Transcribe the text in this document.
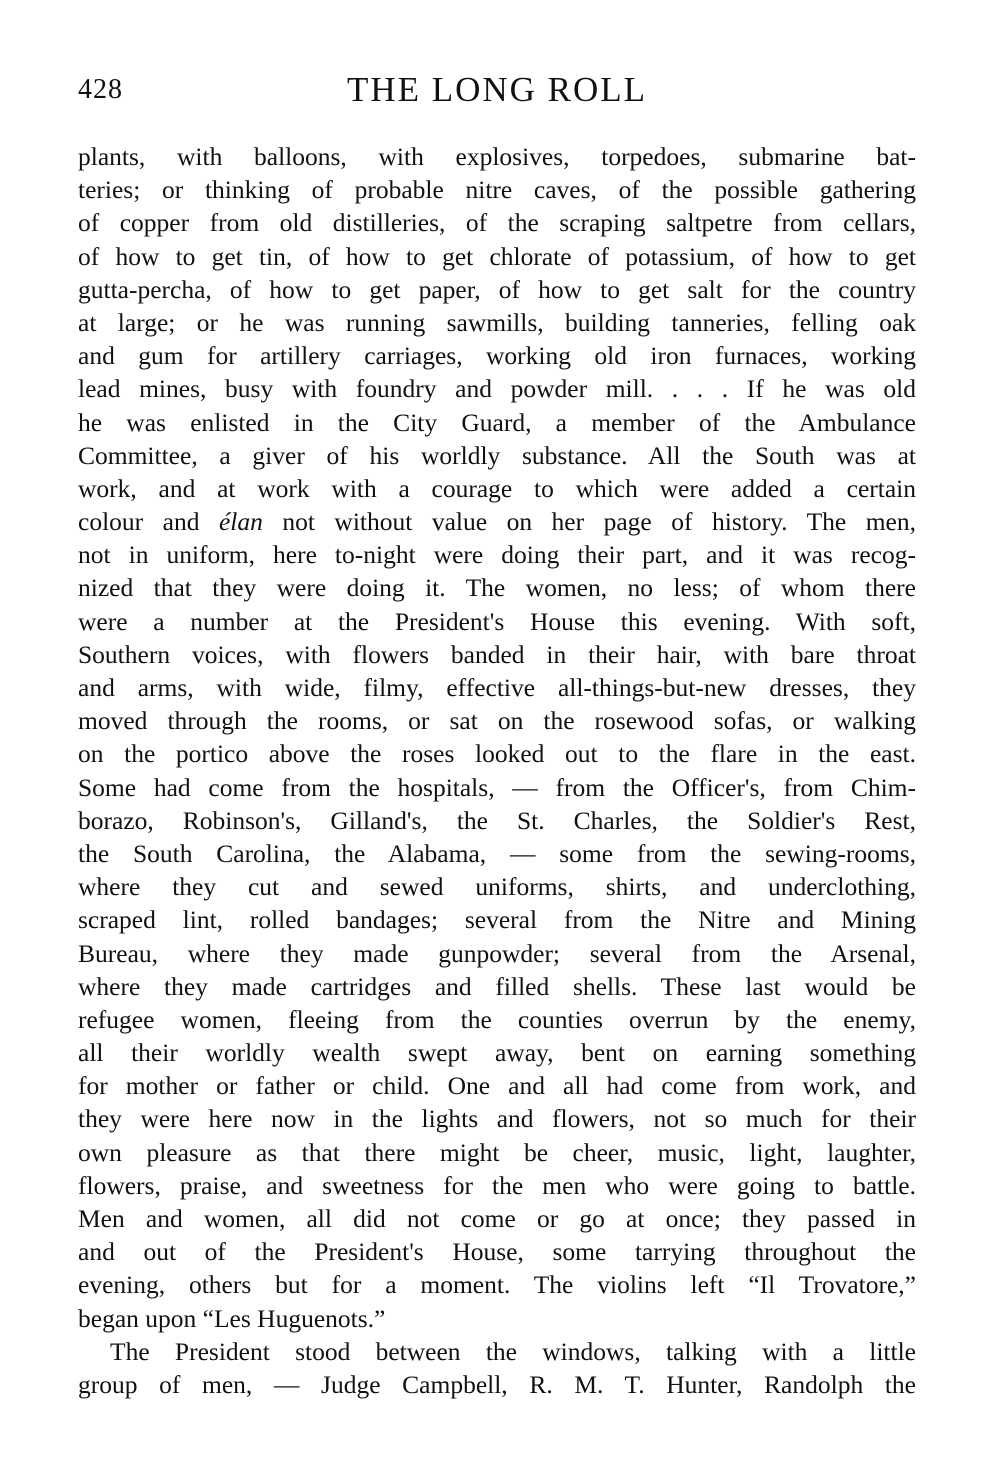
428	THE LONG ROLL
plants, with balloons, with explosives, torpedoes, submarine bat-
teries; or thinking of probable nitre caves, of the possible gathering
of copper from old distilleries, of the scraping saltpetre from cellars,
of how to get tin, of how to get chlorate of potassium, of how to get
gutta-percha, of how to get paper, of how to get salt for the country
at large; or he was running sawmills, building tanneries, felling oak
and gum for artillery carriages, working old iron furnaces, working
lead mines, busy with foundry and powder mill. . . . If he was old
he was enlisted in the City Guard, a member of the Ambulance
Committee, a giver of his worldly substance. All the South was at
work, and at work with a courage to which were added a certain
colour and élan not without value on her page of history. The men,
not in uniform, here to-night were doing their part, and it was recog-
nized that they were doing it. The women, no less; of whom there
were a number at the President's House this evening. With soft,
Southern voices, with flowers banded in their hair, with bare throat
and arms, with wide, filmy, effective all-things-but-new dresses, they
moved through the rooms, or sat on the rosewood sofas, or walking
on the portico above the roses looked out to the flare in the east.
Some had come from the hospitals, — from the Officer's, from Chim-
borazo, Robinson's, Gilland's, the St. Charles, the Soldier's Rest,
the South Carolina, the Alabama, — some from the sewing-rooms,
where they cut and sewed uniforms, shirts, and underclothing,
scraped lint, rolled bandages; several from the Nitre and Mining
Bureau, where they made gunpowder; several from the Arsenal,
where they made cartridges and filled shells. These last would be
refugee women, fleeing from the counties overrun by the enemy,
all their worldly wealth swept away, bent on earning something
for mother or father or child. One and all had come from work, and
they were here now in the lights and flowers, not so much for their
own pleasure as that there might be cheer, music, light, laughter,
flowers, praise, and sweetness for the men who were going to battle.
Men and women, all did not come or go at once; they passed in
and out of the President's House, some tarrying throughout the
evening, others but for a moment. The violins left “Il Trovatore,”
began upon “Les Huguenots.”
The President stood between the windows, talking with a little
group of men, — Judge Campbell, R. M. T. Hunter, Randolph the
